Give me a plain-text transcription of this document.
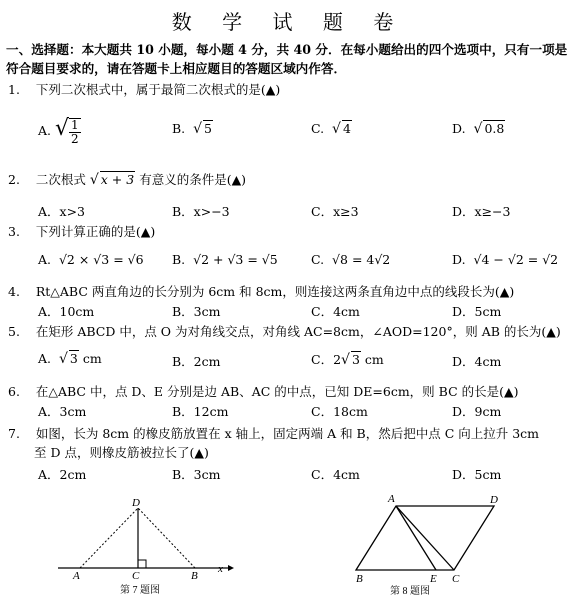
数 学 试 题 卷
一、选择题：本大题共 10 小题，每小题 4 分，共 40 分．在每小题给出的四个选项中，只有一项是符合题目要求的，请在答题卡上相应题目的答题区域内作答．
1. 下列二次根式中，属于最简二次根式的是(▲)
A. √ $\frac{1}{2}$	B. √ 5	C. √ 4	D. √ 0.8
2. 二次根式 √ x + 3 有意义的条件是(▲)
A．x>3	B．x>−3	C．x≥3	D．x≥−3
3. 下列计算正确的是(▲)
A. √2 × √3 = √6 B. √2 + √3 = √5	C. √8 = 4√2	D. √4 − √2 = √2
4. Rt△ABC 两直角边的长分别为 6cm 和 8cm，则连接这两条直角边中点的线段长为(▲)
A．10cm	B．3cm	C．4cm	D．5cm
5. 在矩形 ABCD 中，点 O 为对角线交点，对角线 AC=8cm，∠AOD=120°，则 AB 的长为(▲)
A. √ 3 cm	B．2cm	C．2√ 3 cm	D．4cm
6. 在△ABC 中，点 D、E 分别是边 AB、AC 的中点，已知 DE=6cm，则 BC 的长是(▲)
A．3cm	B．12cm	C．18cm	D．9cm
7. 如图，长为 8cm 的橡皮筋放置在 x 轴上，固定两端 A 和 B，然后把中点 C 向上拉升 3cm
至 D 点，则橡皮筋被拉长了(▲)
A．2cm	B．3cm	C．4cm	D．5cm
D
A	C	B
x
第 7 题图
A	D
B	E C
第 8 题图
